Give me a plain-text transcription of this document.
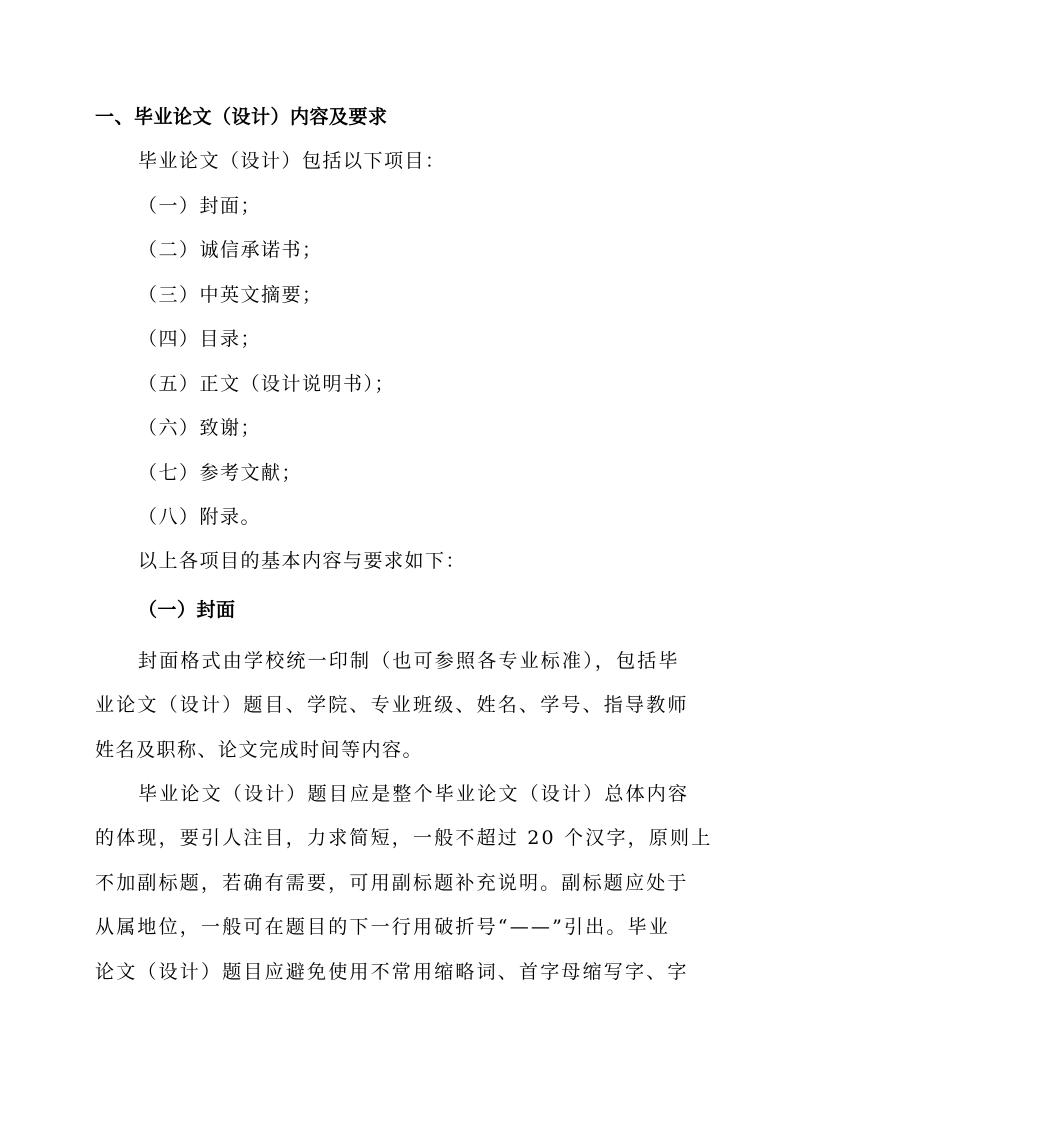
一、毕业论文（设计）内容及要求
毕业论文（设计）包括以下项目：
（一）封面；
（二）诚信承诺书；
（三）中英文摘要；
（四）目录；
（五）正文（设计说明书）；
（六）致谢；
（七）参考文献；
（八）附录。
以上各项目的基本内容与要求如下：
（一）封面
封面格式由学校统一印制（也可参照各专业标准），包括毕
业论文（设计）题目、学院、专业班级、姓名、学号、指导教师
姓名及职称、论文完成时间等内容。
毕业论文（设计）题目应是整个毕业论文（设计）总体内容
的体现，要引人注目，力求简短，一般不超过 20 个汉字，原则上
不加副标题，若确有需要，可用副标题补充说明。副标题应处于
从属地位，一般可在题目的下一行用破折号“——”引出。毕业
论文（设计）题目应避免使用不常用缩略词、首字母缩写字、字
